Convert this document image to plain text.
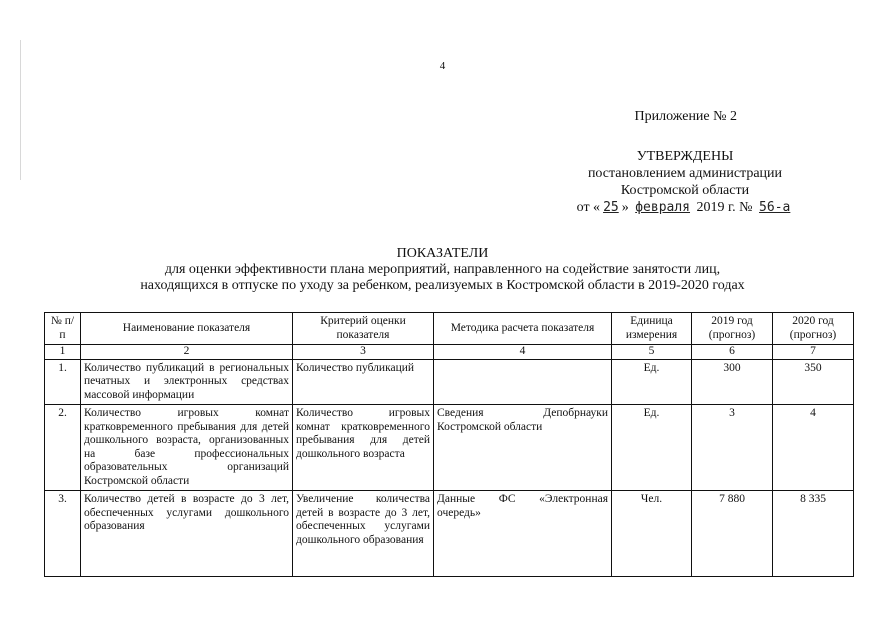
4
Приложение № 2
УТВЕРЖДЕНЫ
постановлением администрации
Костромской области
от « 25 » февраля 2019 г. № 56-а
ПОКАЗАТЕЛИ
для оценки эффективности плана мероприятий, направленного на содействие занятости лиц,
находящихся в отпуске по уходу за ребенком, реализуемых в Костромской области в 2019-2020 годах
№ п/п	Наименование показателя	Критерий оценки показателя	Методика расчета показателя	Единица измерения	2019 год (прогноз)	2020 год (прогноз)
1	2	3	4	5	6	7
1.	Количество публикаций в региональных печатных и электронных средствах массовой информации	Количество публикаций		Ед.	300	350
2.	Количество игровых комнат кратковременного пребывания для детей дошкольного возраста, организованных на базе профессиональных образовательных организаций Костромской области	Количество игровых комнат кратковременного пребывания для детей дошкольного возраста	Сведения Депобрнауки Костромской области	Ед.	3	4
3.	Количество детей в возрасте до 3 лет, обеспеченных услугами дошкольного образования	Увеличение количества детей в возрасте до 3 лет, обеспеченных услугами дошкольного образования	Данные ФС «Электронная очередь»	Чел.	7 880	8 335
